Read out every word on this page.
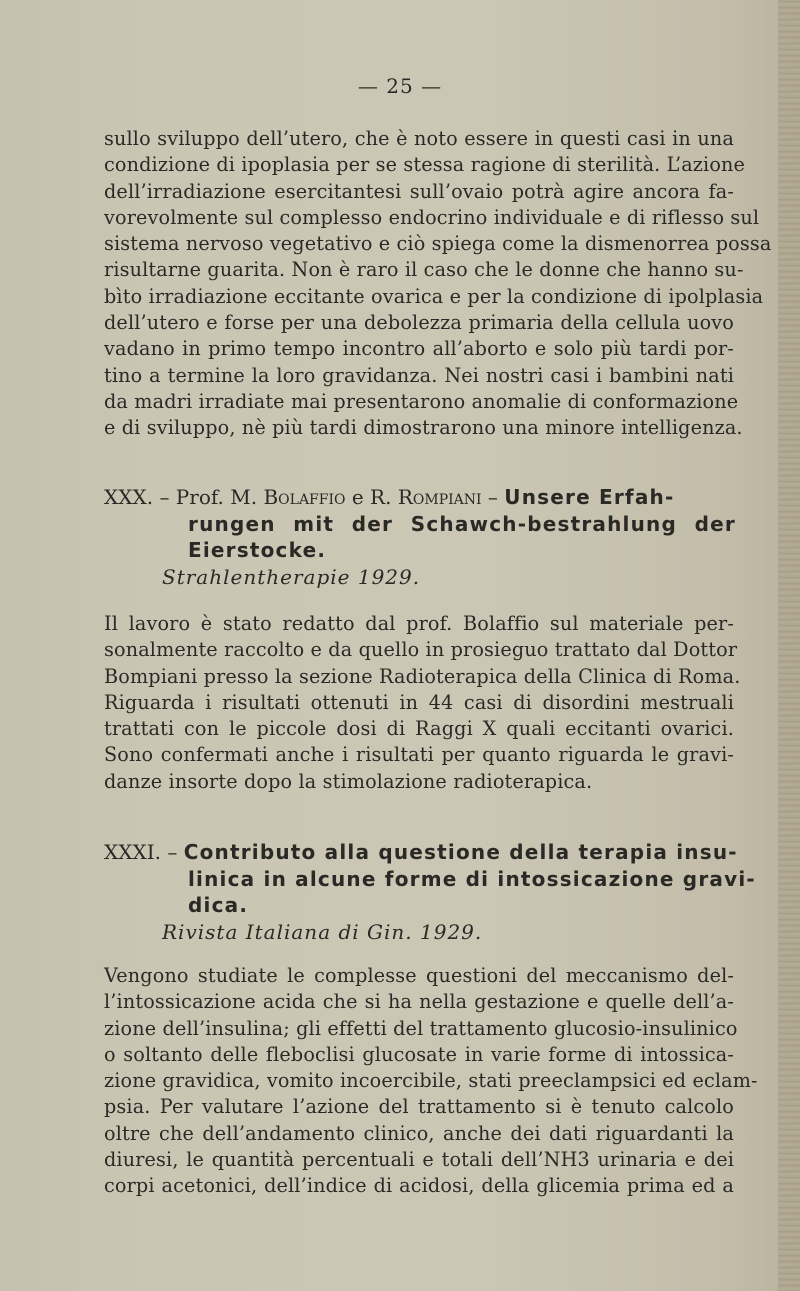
— 25 —
sullo sviluppo dell’utero, che è noto essere in questi casi in una
condizione di ipoplasia per se stessa ragione di sterilità. L’azione
dell’irradiazione esercitantesi sull’ovaio potrà agire ancora fa-
vorevolmente sul complesso endocrino individuale e di riflesso sul
sistema nervoso vegetativo e ciò spiega come la dismenorrea possa
risultarne guarita. Non è raro il caso che le donne che hanno su-
bìto irradiazione eccitante ovarica e per la condizione di ipolplasia
dell’utero e forse per una debolezza primaria della cellula uovo
vadano in primo tempo incontro all’aborto e solo più tardi por-
tino a termine la loro gravidanza. Nei nostri casi i bambini nati
da madri irradiate mai presentarono anomalie di conformazione
e di sviluppo, nè più tardi dimostrarono una minore intelligenza.
XXX. – Prof. M. Bolaffio e R. Rompiani – Unsere Erfah-
rungen mit der Schawch-bestrahlung der
Eierstocke.
Strahlentherapie 1929.
Il lavoro è stato redatto dal prof. Bolaffio sul materiale per-
sonalmente raccolto e da quello in prosieguo trattato dal Dottor
Bompiani presso la sezione Radioterapica della Clinica di Roma.
Riguarda i risultati ottenuti in 44 casi di disordini mestruali
trattati con le piccole dosi di Raggi X quali eccitanti ovarici.
Sono confermati anche i risultati per quanto riguarda le gravi-
danze insorte dopo la stimolazione radioterapica.
XXXI. – Contributo alla questione della terapia insu-
linica in alcune forme di intossicazione gravi-
dica.
Rivista Italiana di Gin. 1929.
Vengono studiate le complesse questioni del meccanismo del-
l’intossicazione acida che si ha nella gestazione e quelle dell’a-
zione dell’insulina; gli effetti del trattamento glucosio-insulinico
o soltanto delle fleboclisi glucosate in varie forme di intossica-
zione gravidica, vomito incoercibile, stati preeclampsici ed eclam-
psia. Per valutare l’azione del trattamento si è tenuto calcolo
oltre che dell’andamento clinico, anche dei dati riguardanti la
diuresi, le quantità percentuali e totali dell’NH3 urinaria e dei
corpi acetonici, dell’indice di acidosi, della glicemia prima ed a
